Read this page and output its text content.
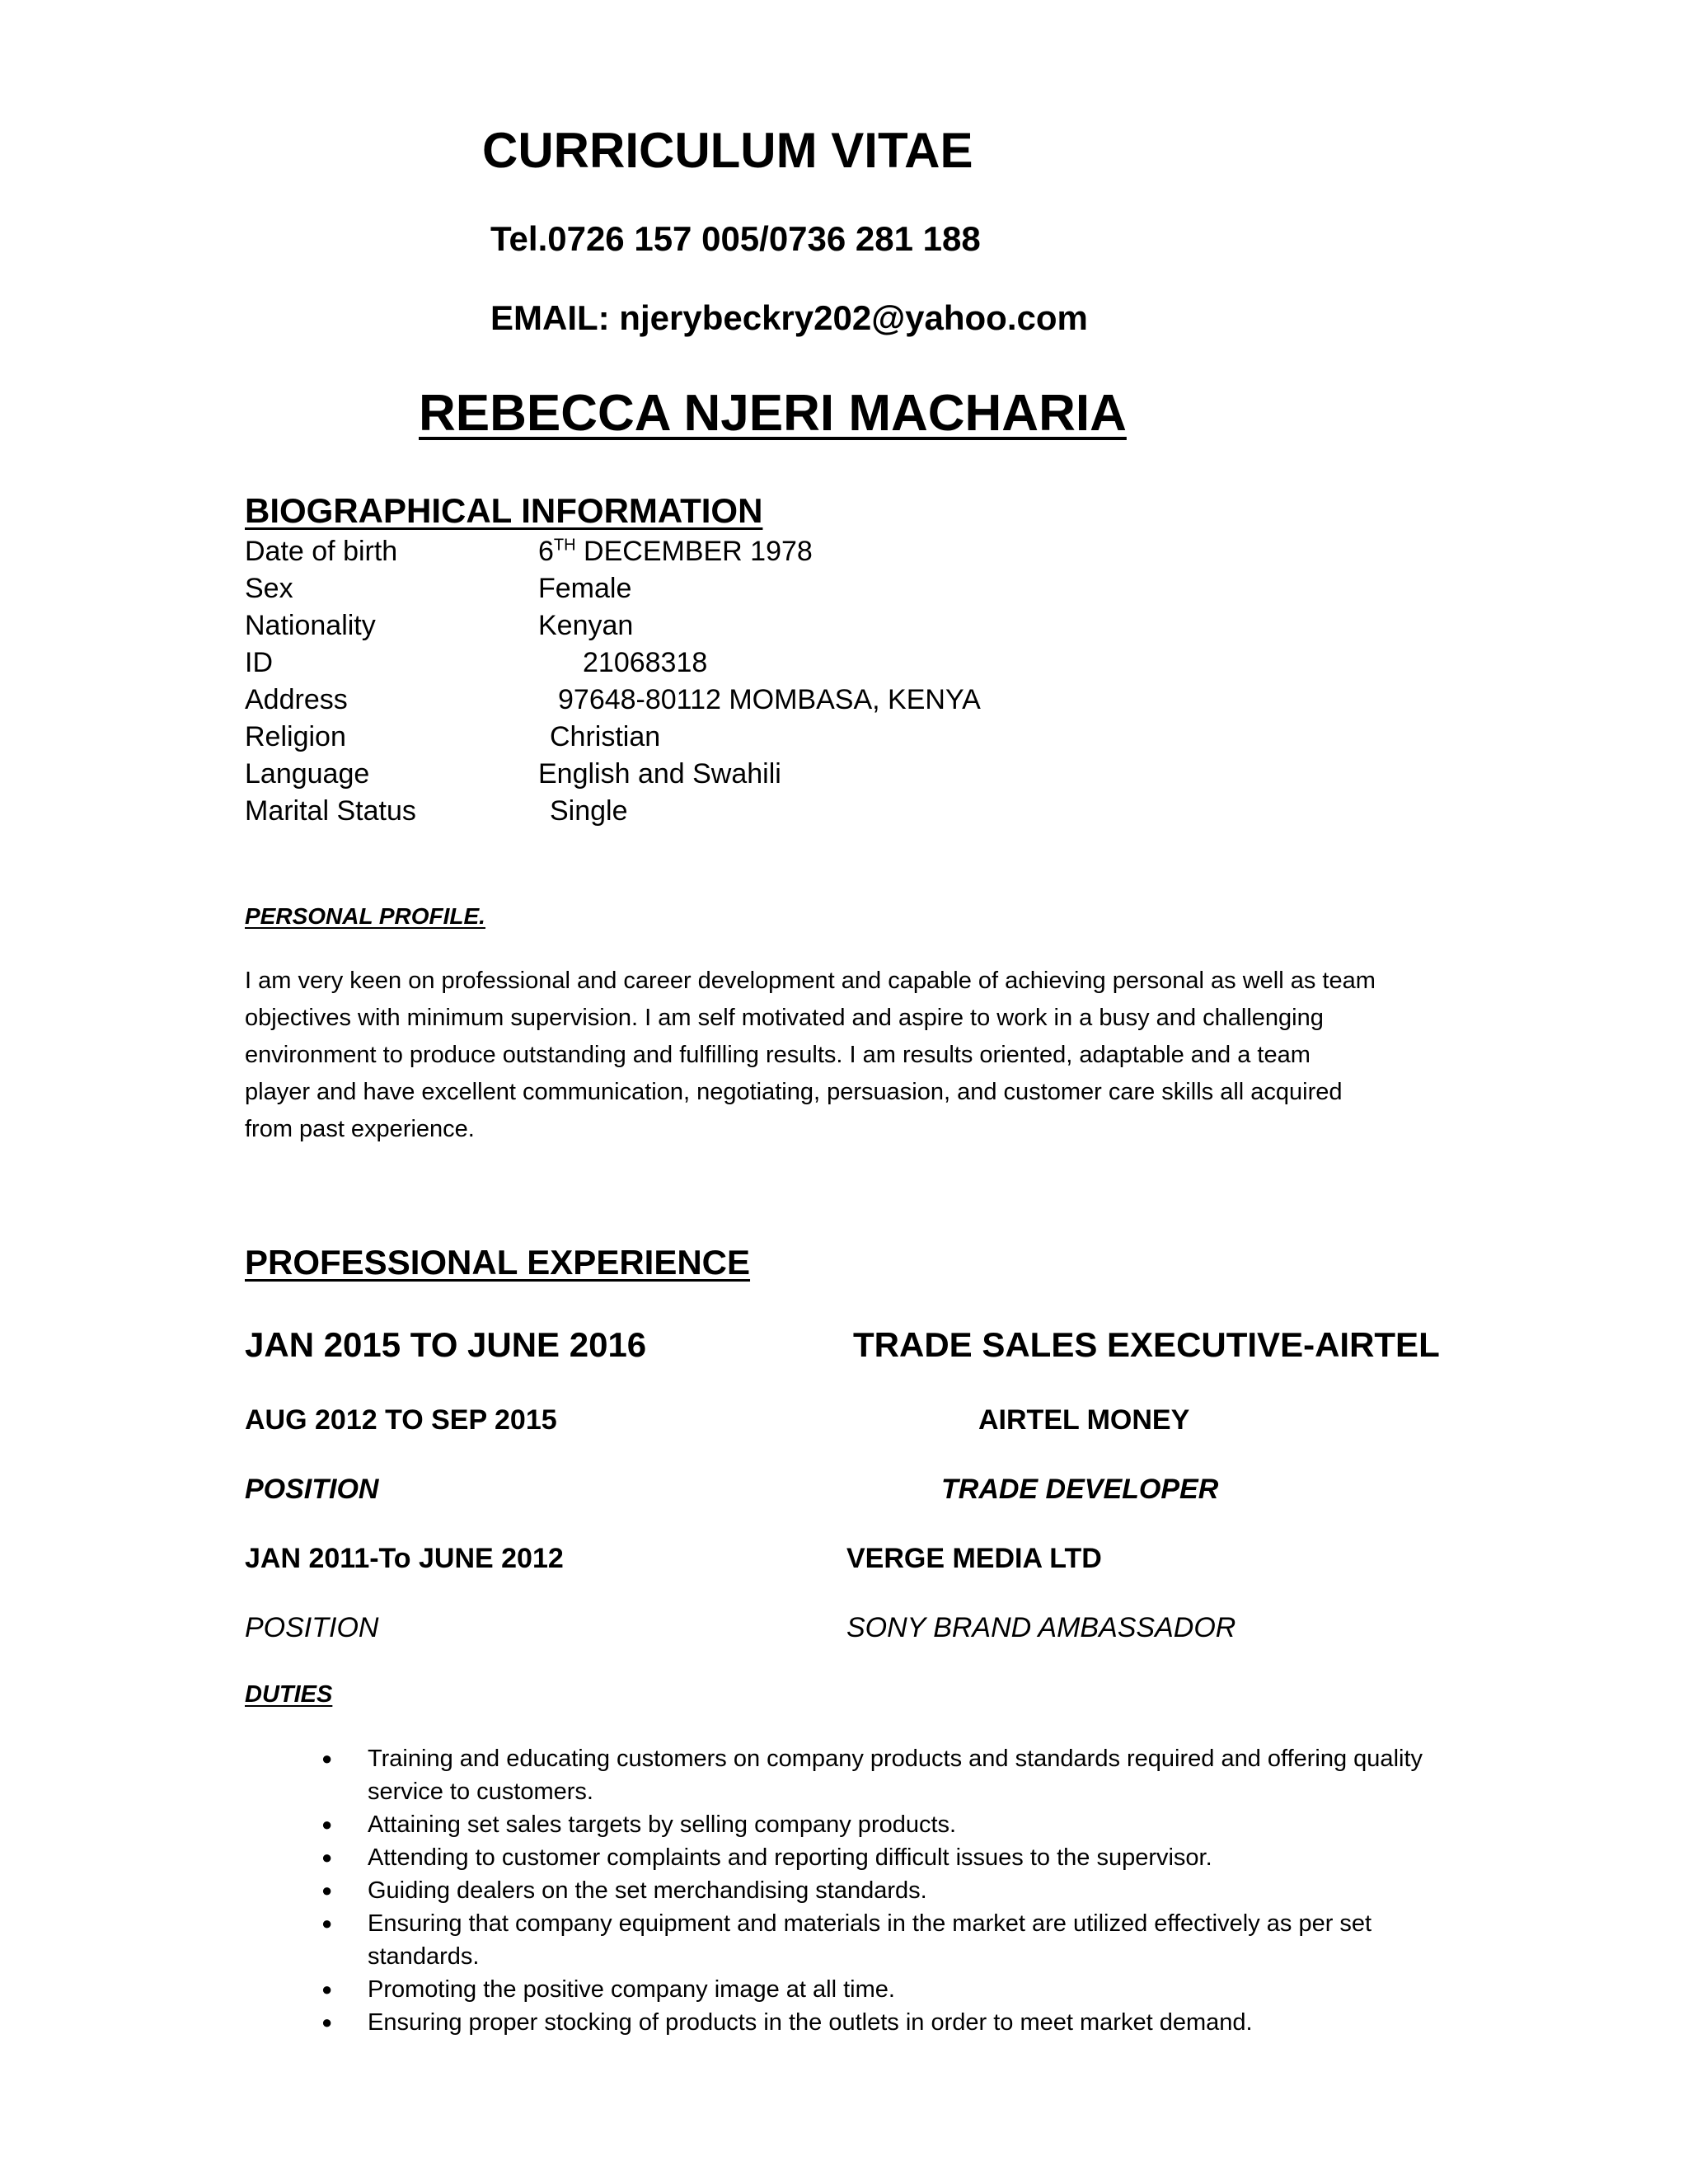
CURRICULUM VITAE
Tel.0726 157 005/0736 281 188
EMAIL: njerybeckry202@yahoo.com
REBECCA NJERI MACHARIA
BIOGRAPHICAL INFORMATION
Date of birth	6TH DECEMBER 1978
Sex	Female
Nationality	Kenyan
ID	21068318
Address	97648-80112 MOMBASA, KENYA
Religion	Christian
Language	English and Swahili
Marital Status	Single
PERSONAL PROFILE.
I am very keen on professional and career development and capable of achieving personal as well as team
objectives with minimum supervision. I am self motivated and aspire to work in a busy and challenging
environment to produce outstanding and fulfilling results. I am results oriented, adaptable and a team
player and have excellent communication, negotiating, persuasion, and customer care skills all acquired
from past experience.
PROFESSIONAL EXPERIENCE
JAN 2015 TO JUNE 2016	TRADE SALES EXECUTIVE-AIRTEL
AUG 2012 TO SEP 2015	AIRTEL MONEY
POSITION	TRADE DEVELOPER
JAN 2011-To JUNE 2012	VERGE MEDIA LTD
POSITION	SONY BRAND AMBASSADOR
DUTIES
● Training and educating customers on company products and standards required and offering quality service to customers.
● Attaining set sales targets by selling company products.
● Attending to customer complaints and reporting difficult issues to the supervisor.
● Guiding dealers on the set merchandising standards.
● Ensuring that company equipment and materials in the market are utilized effectively as per set standards.
● Promoting the positive company image at all time.
● Ensuring proper stocking of products in the outlets in order to meet market demand.
